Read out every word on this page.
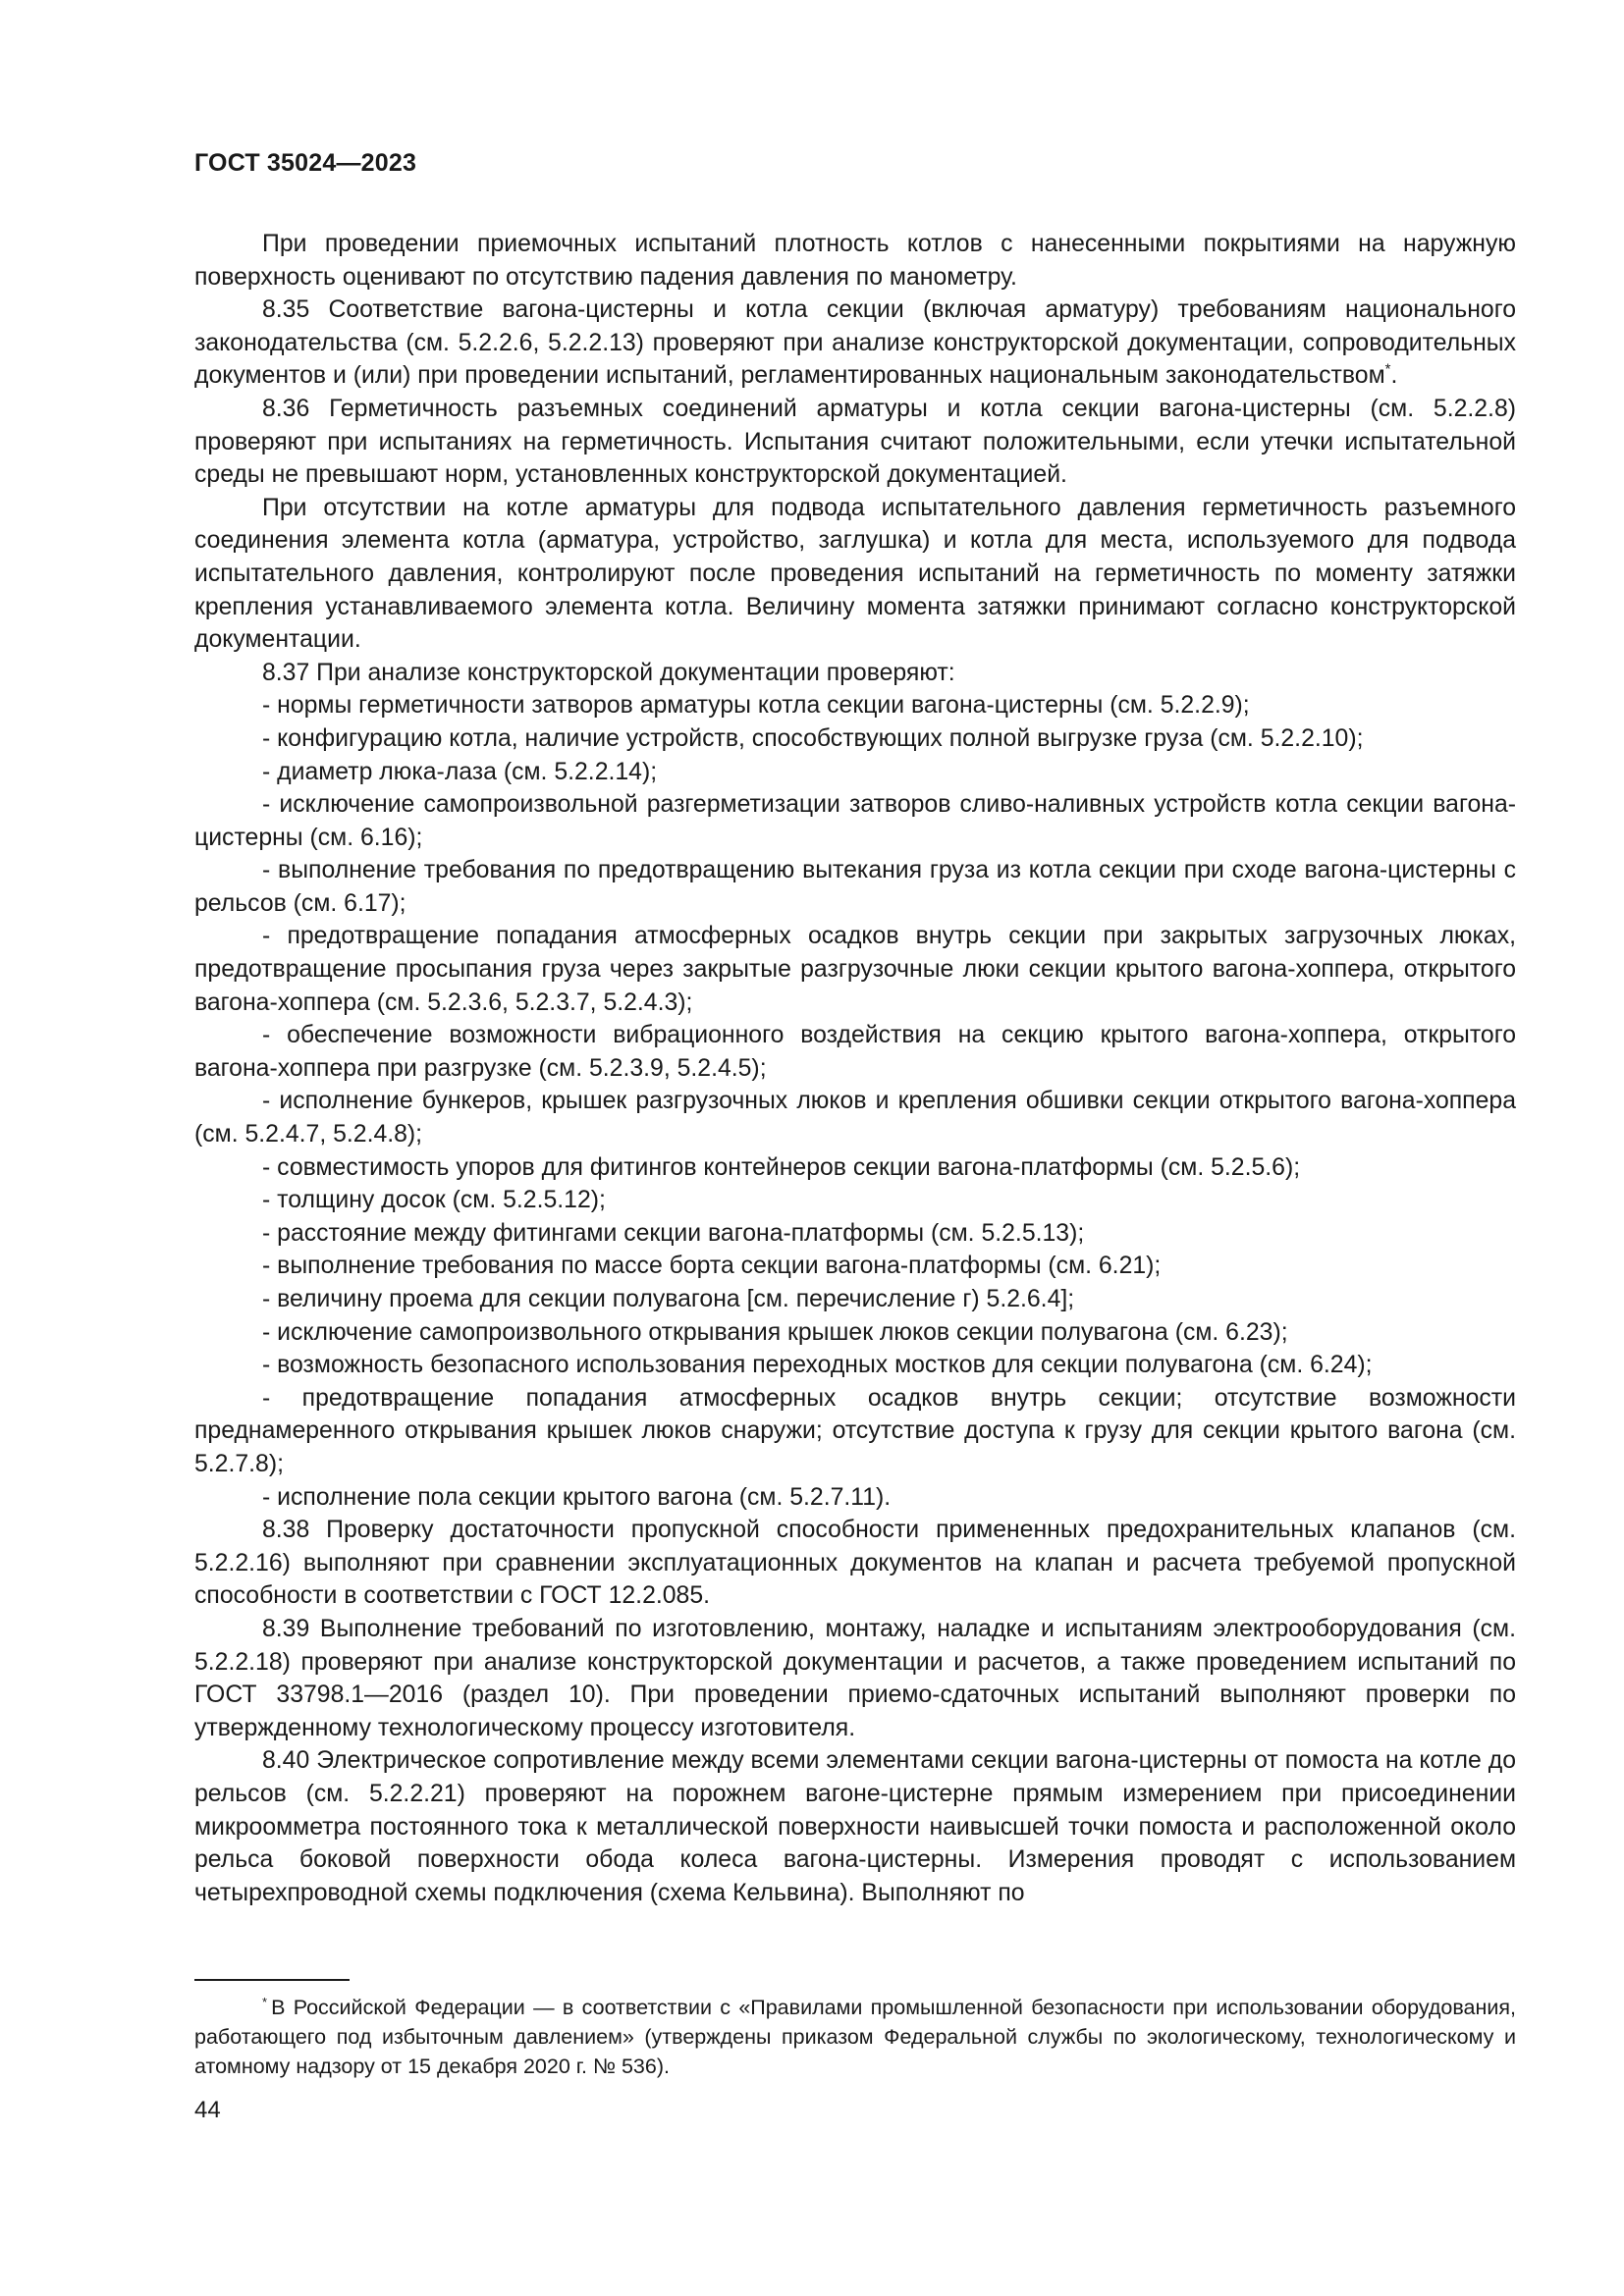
ГОСТ 35024—2023

При проведении приемочных испытаний плотность котлов с нанесенными покрытиями на наружную поверхность оценивают по отсутствию падения давления по манометру.

8.35 Соответствие вагона-цистерны и котла секции (включая арматуру) требованиям национального законодательства (см. 5.2.2.6, 5.2.2.13) проверяют при анализе конструкторской документации, сопроводительных документов и (или) при проведении испытаний, регламентированных национальным законодательством*.

8.36 Герметичность разъемных соединений арматуры и котла секции вагона-цистерны (см. 5.2.2.8) проверяют при испытаниях на герметичность. Испытания считают положительными, если утечки испытательной среды не превышают норм, установленных конструкторской документацией.

При отсутствии на котле арматуры для подвода испытательного давления герметичность разъемного соединения элемента котла (арматура, устройство, заглушка) и котла для места, используемого для подвода испытательного давления, контролируют после проведения испытаний на герметичность по моменту затяжки крепления устанавливаемого элемента котла. Величину момента затяжки принимают согласно конструкторской документации.

8.37 При анализе конструкторской документации проверяют:

- нормы герметичности затворов арматуры котла секции вагона-цистерны (см. 5.2.2.9);

- конфигурацию котла, наличие устройств, способствующих полной выгрузке груза (см. 5.2.2.10);

- диаметр люка-лаза (см. 5.2.2.14);

- исключение самопроизвольной разгерметизации затворов сливо-наливных устройств котла секции вагона-цистерны (см. 6.16);

- выполнение требования по предотвращению вытекания груза из котла секции при сходе вагона-цистерны с рельсов (см. 6.17);

- предотвращение попадания атмосферных осадков внутрь секции при закрытых загрузочных люках, предотвращение просыпания груза через закрытые разгрузочные люки секции крытого вагона-хоппера, открытого вагона-хоппера (см. 5.2.3.6, 5.2.3.7, 5.2.4.3);

- обеспечение возможности вибрационного воздействия на секцию крытого вагона-хоппера, открытого вагона-хоппера при разгрузке (см. 5.2.3.9, 5.2.4.5);

- исполнение бункеров, крышек разгрузочных люков и крепления обшивки секции открытого вагона-хоппера (см. 5.2.4.7, 5.2.4.8);

- совместимость упоров для фитингов контейнеров секции вагона-платформы (см. 5.2.5.6);

- толщину досок (см. 5.2.5.12);

- расстояние между фитингами секции вагона-платформы (см. 5.2.5.13);

- выполнение требования по массе борта секции вагона-платформы (см. 6.21);

- величину проема для секции полувагона [см. перечисление г) 5.2.6.4];

- исключение самопроизвольного открывания крышек люков секции полувагона (см. 6.23);

- возможность безопасного использования переходных мостков для секции полувагона (см. 6.24);

- предотвращение попадания атмосферных осадков внутрь секции; отсутствие возможности преднамеренного открывания крышек люков снаружи; отсутствие доступа к грузу для секции крытого вагона (см. 5.2.7.8);

- исполнение пола секции крытого вагона (см. 5.2.7.11).

8.38 Проверку достаточности пропускной способности примененных предохранительных клапанов (см. 5.2.2.16) выполняют при сравнении эксплуатационных документов на клапан и расчета требуемой пропускной способности в соответствии с ГОСТ 12.2.085.

8.39 Выполнение требований по изготовлению, монтажу, наладке и испытаниям электрооборудования (см. 5.2.2.18) проверяют при анализе конструкторской документации и расчетов, а также проведением испытаний по ГОСТ 33798.1—2016 (раздел 10). При проведении приемо-сдаточных испытаний выполняют проверки по утвержденному технологическому процессу изготовителя.

8.40 Электрическое сопротивление между всеми элементами секции вагона-цистерны от помоста на котле до рельсов (см. 5.2.2.21) проверяют на порожнем вагоне-цистерне прямым измерением при присоединении микроомметра постоянного тока к металлической поверхности наивысшей точки помоста и расположенной около рельса боковой поверхности обода колеса вагона-цистерны. Измерения проводят с использованием четырехпроводной схемы подключения (схема Кельвина). Выполняют по

* В Российской Федерации — в соответствии с «Правилами промышленной безопасности при использовании оборудования, работающего под избыточным давлением» (утверждены приказом Федеральной службы по экологическому, технологическому и атомному надзору от 15 декабря 2020 г. № 536).

44
